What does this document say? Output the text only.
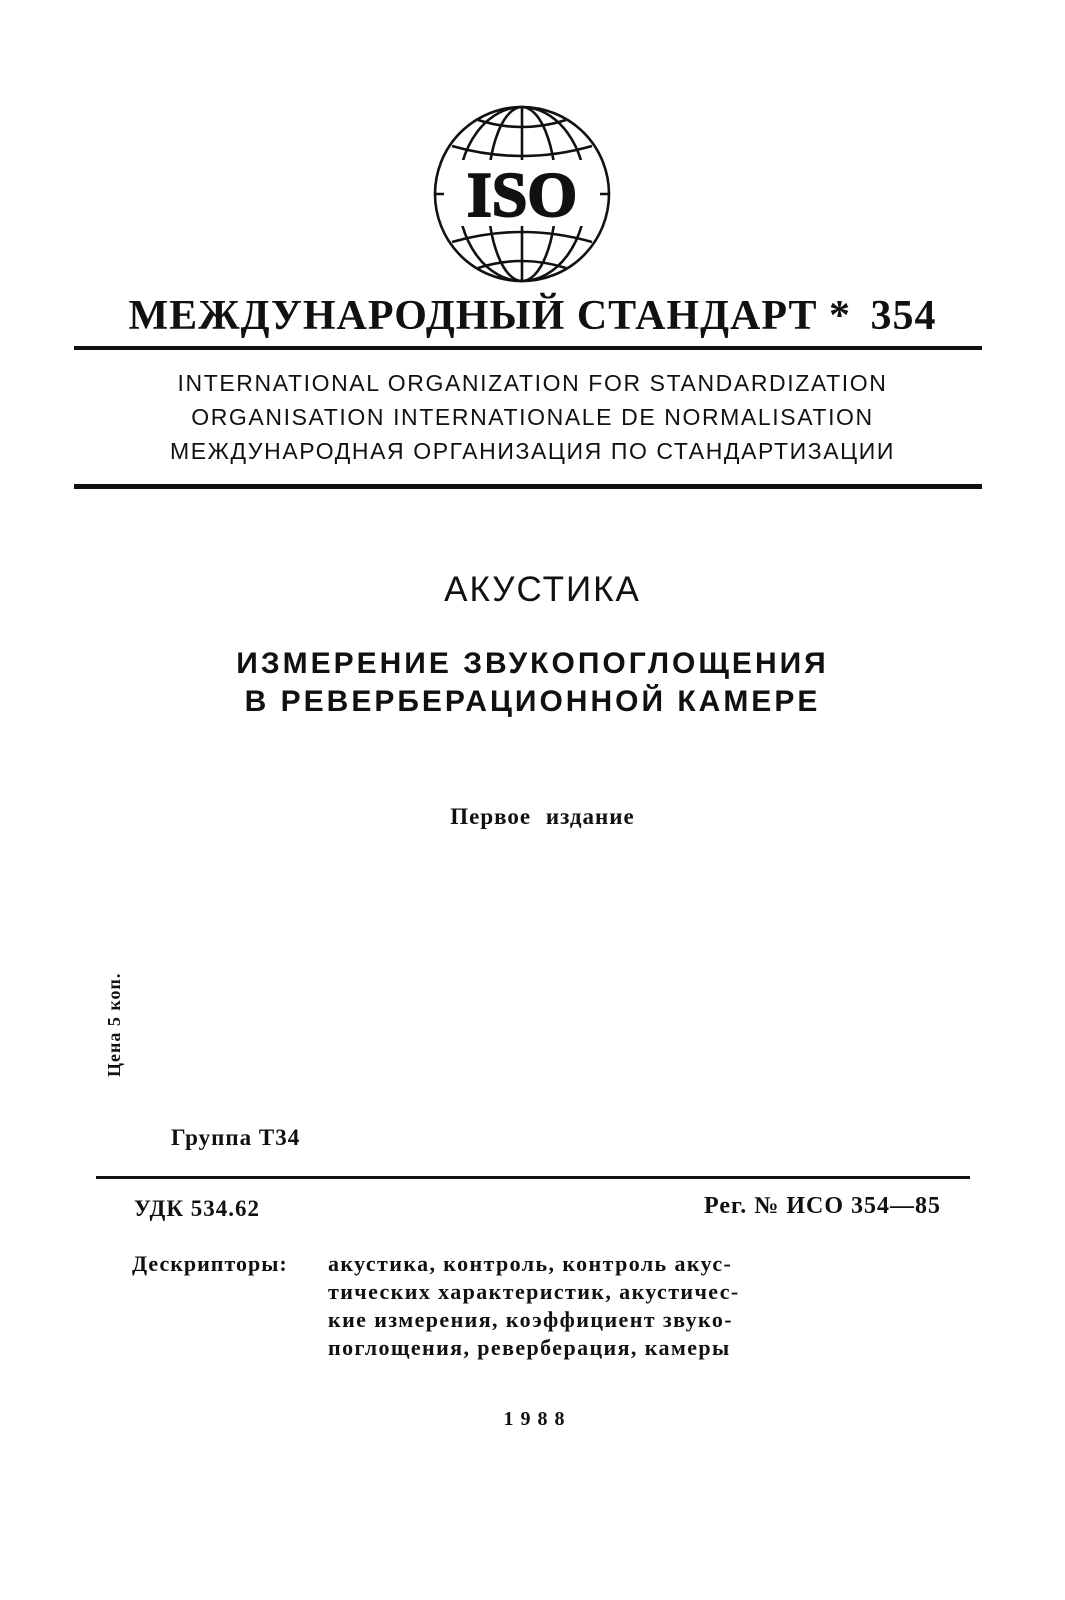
ISO
МЕЖДУНАРОДНЫЙ СТАНДАРТ * 354
INTERNATIONAL ORGANIZATION FOR STANDARDIZATION
ORGANISATION INTERNATIONALE DE NORMALISATION
МЕЖДУНАРОДНАЯ ОРГАНИЗАЦИЯ ПО СТАНДАРТИЗАЦИИ
АКУСТИКА
ИЗМЕРЕНИЕ ЗВУКОПОГЛОЩЕНИЯ
В РЕВЕРБЕРАЦИОННОЙ КАМЕРЕ
Первое издание
Цена 5 коп.
Группа Т34
УДК 534.62	Рег. № ИСО 354—85
Дескрипторы: акустика, контроль, контроль акус-
тических характеристик, акустичес-
кие измерения, коэффициент звуко-
поглощения, реверберация, камеры
1988
